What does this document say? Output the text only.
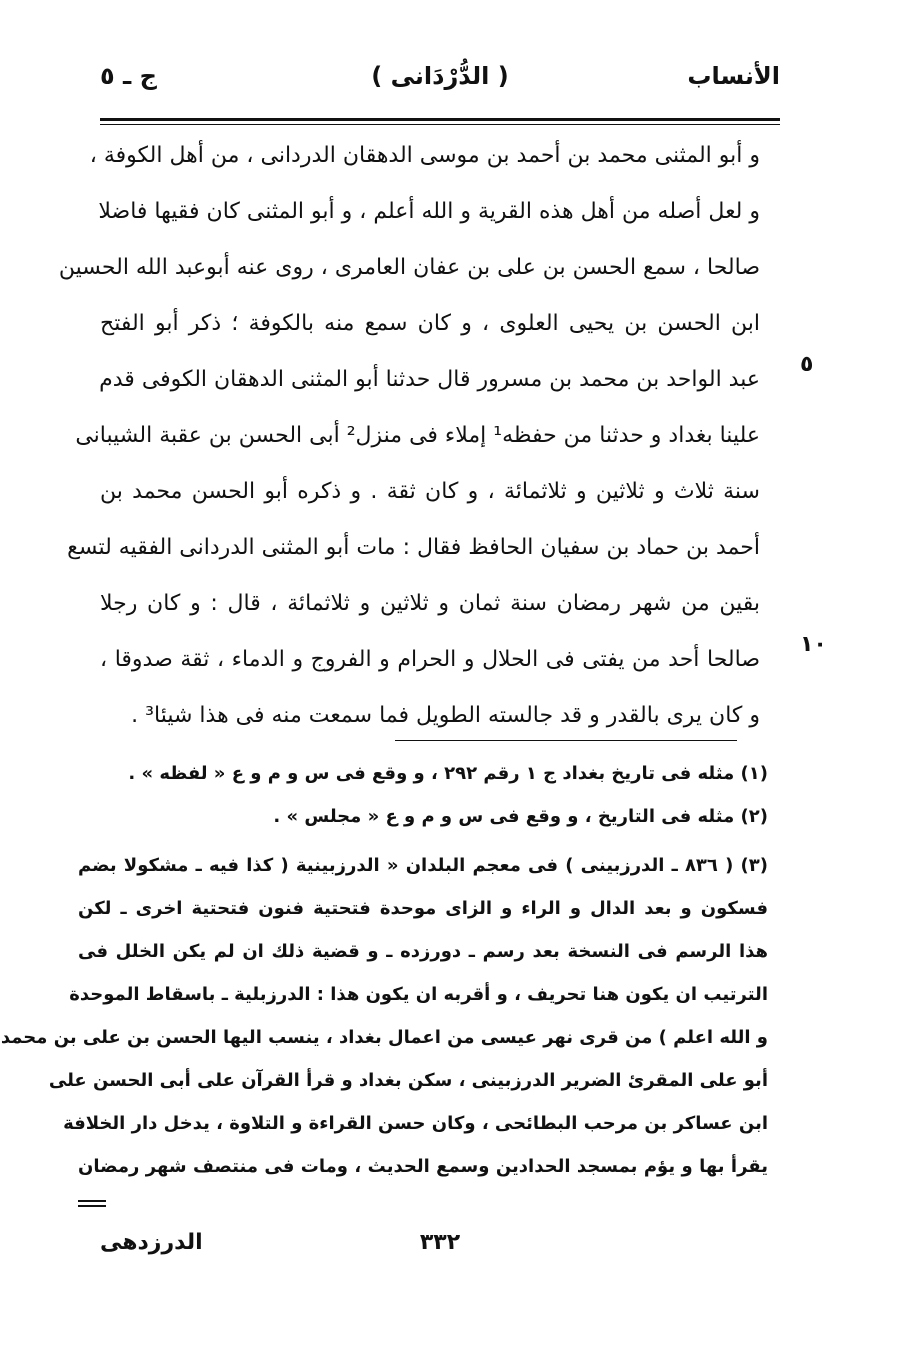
الأنساب
( الدُّرْدَانى )
ج ـ ٥
و أبو المثنى محمد بن أحمد بن موسى الدهقان الدردانى ، من أهل الكوفة ،
و لعل أصله من أهل هذه القرية و الله أعلم ، و أبو المثنى كان فقيها فاضلا
صالحا ، سمع الحسن بن على بن عفان العامرى ، روى عنه أبوعبد الله الحسين
ابن الحسن بن يحيى العلوى ، و كان سمع منه بالكوفة ؛ ذكر أبو الفتح
عبد الواحد بن محمد بن مسرور قال حدثنا أبو المثنى الدهقان الكوفى قدم
علينا بغداد و حدثنا من حفظه¹ إملاء فى منزل² أبى الحسن بن عقبة الشيبانى
سنة ثلاث و ثلاثين و ثلاثمائة ، و كان ثقة . و ذكره أبو الحسن محمد بن
أحمد بن حماد بن سفيان الحافظ فقال : مات أبو المثنى الدردانى الفقيه لتسع
بقين من شهر رمضان سنة ثمان و ثلاثين و ثلاثمائة ، قال : و كان رجلا
صالحا أحد من يفتى فى الحلال و الحرام و الفروج و الدماء ، ثقة صدوقا ،
و كان يرى بالقدر و قد جالسته الطويل فما سمعت منه فى هذا شيئا³ .
٥
١٠
(١) مثله فى تاريخ بغداد ج ١ رقم ٢٩٢ ، و وقع فى س و م و ع « لفظه » .
(٢) مثله فى التاريخ ، و وقع فى س و م و ع « مجلس » .
(٣) ( ٨٣٦ ـ الدرزبينى ) فى معجم البلدان « الدرزبينية ( كذا فيه ـ مشكولا بضم
فسكون و بعد الدال و الراء و الزاى موحدة فتحتية فنون فتحتية اخرى ـ لكن
هذا الرسم فى النسخة بعد رسم ـ دورزده ـ و قضية ذلك ان لم يكن الخلل فى
الترتيب ان يكون هنا تحريف ، و أقربه ان يكون هذا : الدرزبلية ـ باسقاط الموحدة
و الله اعلم ) من قرى نهر عيسى من اعمال بغداد ، ينسب اليها الحسن بن على بن محمد
أبو على المقرئ الضرير الدرزبينى ، سكن بغداد و قرأ القرآن على أبى الحسن على
ابن عساكر بن مرحب البطائحى ، وكان حسن القراءة و التلاوة ، يدخل دار الخلافة
يقرأ بها و يؤم بمسجد الحدادين وسمع الحديث ، ومات فى منتصف شهر رمضان
٣٣٢
الدرزدهى
